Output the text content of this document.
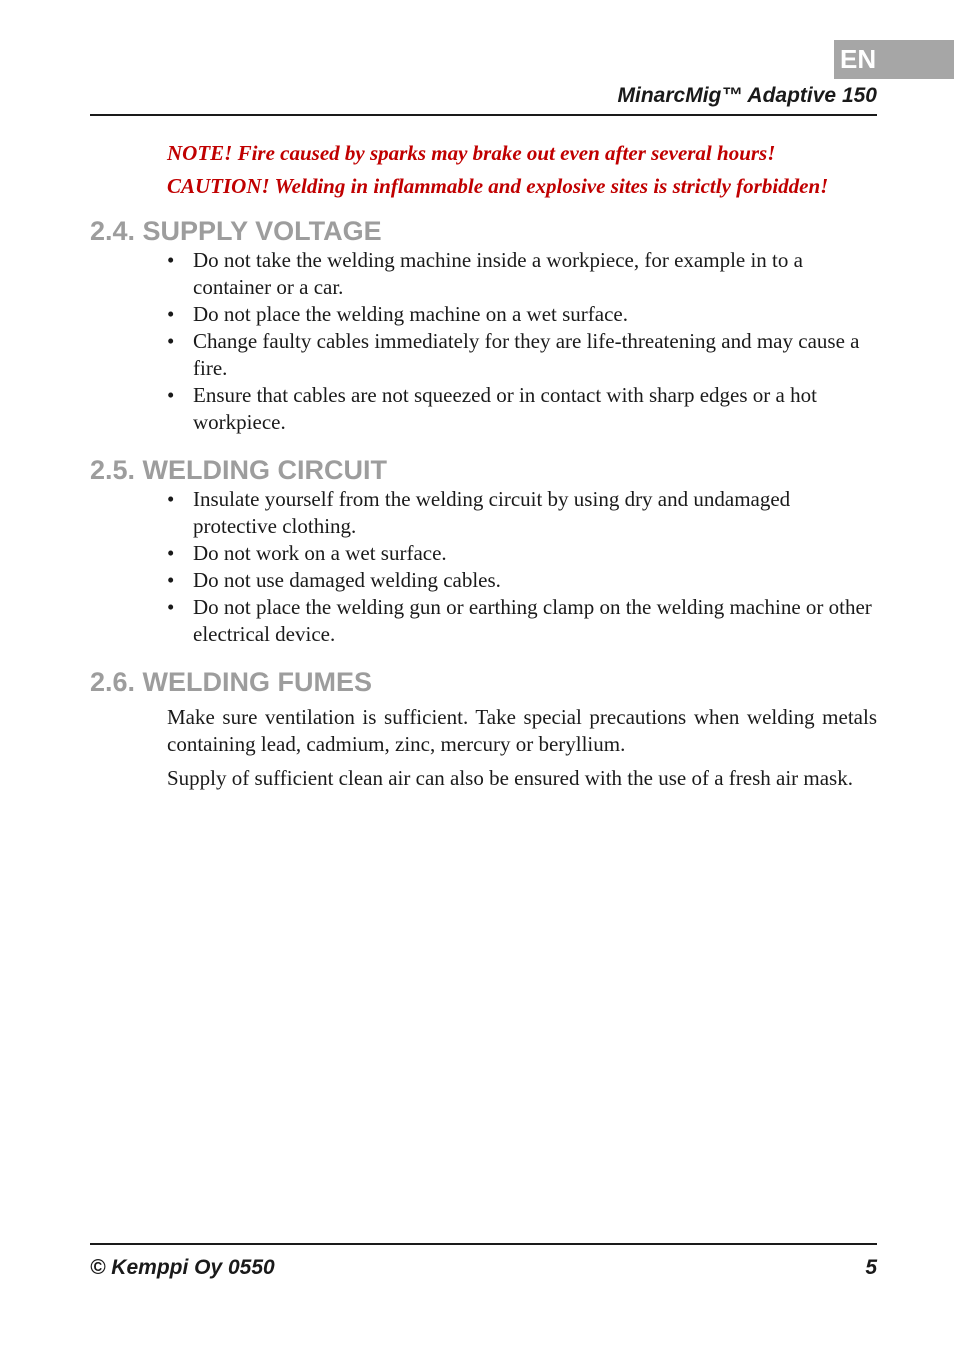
EN
MinarcMig™ Adaptive 150

NOTE! Fire caused by sparks may brake out even after several hours!

CAUTION! Welding in inflammable and explosive sites is strictly forbidden!

2.4. SUPPLY VOLTAGE
• Do not take the welding machine inside a workpiece, for example in to a container or a car.
• Do not place the welding machine on a wet surface.
• Change faulty cables immediately for they are life-threatening and may cause a fire.
• Ensure that cables are not squeezed or in contact with sharp edges or a hot workpiece.
2.5. WELDING CIRCUIT
• Insulate yourself from the welding circuit by using dry and undamaged protective clothing.
• Do not work on a wet surface.
• Do not use damaged welding cables.
• Do not place the welding gun or earthing clamp on the welding machine or other electrical device.
2.6. WELDING FUMES

Make sure ventilation is sufficient. Take special precautions when welding metals containing lead, cadmium, zinc, mercury or beryllium.

Supply of sufficient clean air can also be ensured with the use of a fresh air mask.

© Kemppi Oy 0550	5
